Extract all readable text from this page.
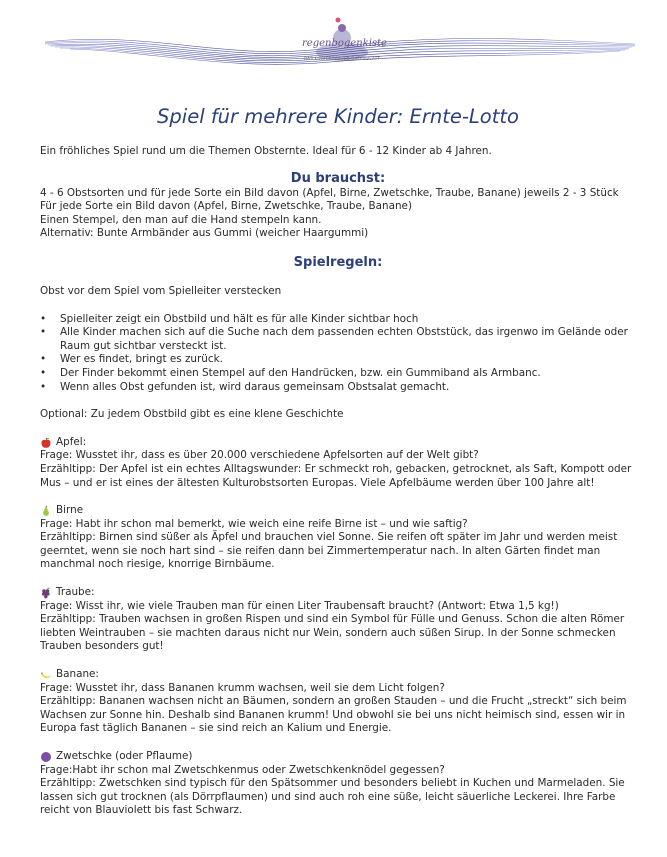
regenbogenkiste
DAS KINDERGARTEN-DATENBLATT
Spiel für mehrere Kinder: Ernte-Lotto

Ein fröhliches Spiel rund um die Themen Obsternte. Ideal für 6 - 12 Kinder ab 4 Jahren.

Du brauchst:

4 - 6 Obstsorten und für jede Sorte ein Bild davon (Apfel, Birne, Zwetschke, Traube, Banane) jeweils 2 - 3 Stück

Für jede Sorte ein Bild davon (Apfel, Birne, Zwetschke, Traube, Banane)

Einen Stempel, den man auf die Hand stempeln kann.

Alternativ: Bunte Armbänder aus Gummi (weicher Haargummi)

Spielregeln:

Obst vor dem Spiel vom Spielleiter verstecken

• Spielleiter zeigt ein Obstbild und hält es für alle Kinder sichtbar hoch
• Alle Kinder machen sich auf die Suche nach dem passenden echten Obststück, das irgenwo im Gelände oder Raum gut sichtbar versteckt ist.
• Wer es findet, bringt es zurück.
• Der Finder bekommt einen Stempel auf den Handrücken, bzw. ein Gummiband als Armbanc.
• Wenn alles Obst gefunden ist, wird daraus gemeinsam Obstsalat gemacht.

Optional: Zu jedem Obstbild gibt es eine klene Geschichte

Apfel:

Frage: Wusstet ihr, dass es über 20.000 verschiedene Apfelsorten auf der Welt gibt?

Erzähltipp: Der Apfel ist ein echtes Alltagswunder: Er schmeckt roh, gebacken, getrocknet, als Saft, Kompott oder Mus – und er ist eines der ältesten Kulturobstsorten Europas. Viele Apfelbäume werden über 100 Jahre alt!

Birne

Frage: Habt ihr schon mal bemerkt, wie weich eine reife Birne ist – und wie saftig?

Erzähltipp: Birnen sind süßer als Äpfel und brauchen viel Sonne. Sie reifen oft später im Jahr und werden meist geerntet, wenn sie noch hart sind – sie reifen dann bei Zimmertemperatur nach. In alten Gärten findet man manchmal noch riesige, knorrige Birnbäume.

Traube:

Frage: Wisst ihr, wie viele Trauben man für einen Liter Traubensaft braucht? (Antwort: Etwa 1,5 kg!)

Erzähltipp: Trauben wachsen in großen Rispen und sind ein Symbol für Fülle und Genuss. Schon die alten Römer liebten Weintrauben – sie machten daraus nicht nur Wein, sondern auch süßen Sirup. In der Sonne schmecken Trauben besonders gut!

Banane:

Frage: Wusstet ihr, dass Bananen krumm wachsen, weil sie dem Licht folgen?

Erzähltipp: Bananen wachsen nicht an Bäumen, sondern an großen Stauden – und die Frucht „streckt“ sich beim Wachsen zur Sonne hin. Deshalb sind Bananen krumm! Und obwohl sie bei uns nicht heimisch sind, essen wir in Europa fast täglich Bananen – sie sind reich an Kalium und Energie.

Zwetschke (oder Pflaume)

Frage:Habt ihr schon mal Zwetschkenmus oder Zwetschkenknödel gegessen?

Erzähltipp: Zwetschken sind typisch für den Spätsommer und besonders beliebt in Kuchen und Marmeladen. Sie lassen sich gut trocknen (als Dörrpflaumen) und sind auch roh eine süße, leicht säuerliche Leckerei. Ihre Farbe reicht von Blauviolett bis fast Schwarz.
